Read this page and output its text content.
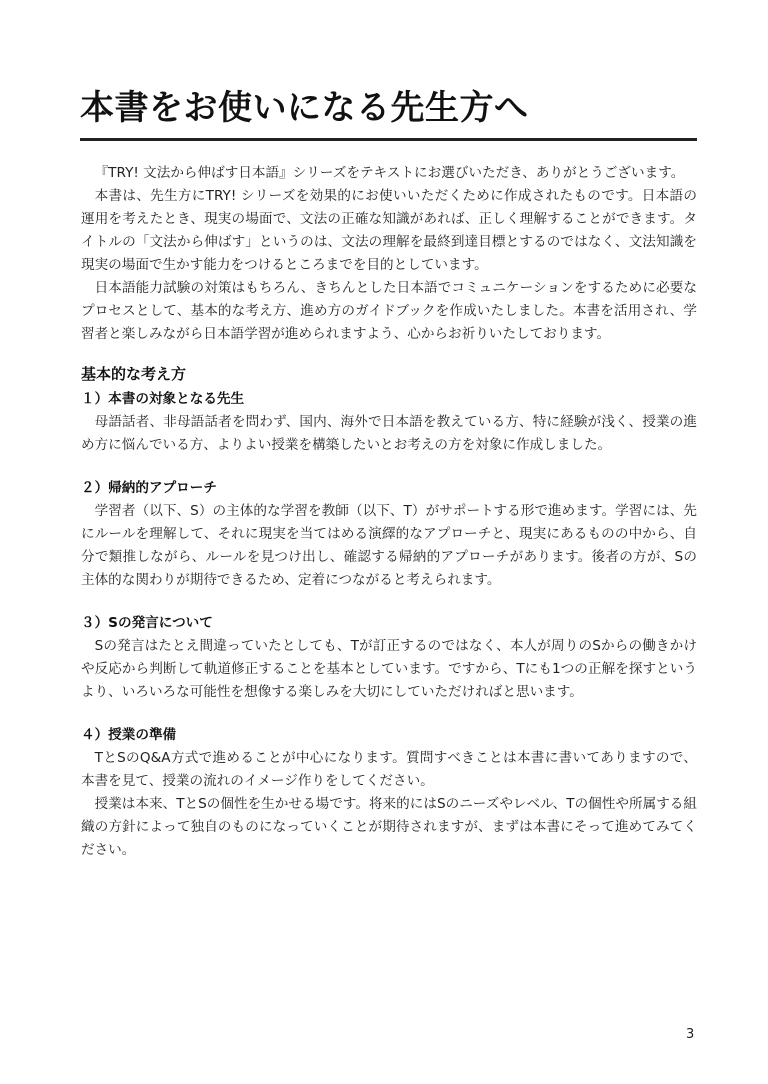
本書をお使いになる先生方へ

『TRY! 文法から伸ばす日本語』シリーズをテキストにお選びいただき、ありがとうございます。

本書は、先生方にTRY! シリーズを効果的にお使いいただくために作成されたものです。日本語の運用を考えたとき、現実の場面で、文法の正確な知識があれば、正しく理解することができます。タイトルの「文法から伸ばす」というのは、文法の理解を最終到達目標とするのではなく、文法知識を現実の場面で生かす能力をつけるところまでを目的としています。

日本語能力試験の対策はもちろん、きちんとした日本語でコミュニケーションをするために必要なプロセスとして、基本的な考え方、進め方のガイドブックを作成いたしました。本書を活用され、学習者と楽しみながら日本語学習が進められますよう、心からお祈りいたしております。

基本的な考え方
１）本書の対象となる先生

母語話者、非母語話者を問わず、国内、海外で日本語を教えている方、特に経験が浅く、授業の進め方に悩んでいる方、よりよい授業を構築したいとお考えの方を対象に作成しました。

２）帰納的アプローチ

学習者（以下、S）の主体的な学習を教師（以下、T）がサポートする形で進めます。学習には、先にルールを理解して、それに現実を当てはめる演繹的なアプローチと、現実にあるものの中から、自分で類推しながら、ルールを見つけ出し、確認する帰納的アプローチがあります。後者の方が、Sの主体的な関わりが期待できるため、定着につながると考えられます。

３）Sの発言について

Sの発言はたとえ間違っていたとしても、Tが訂正するのではなく、本人が周りのSからの働きかけや反応から判断して軌道修正することを基本としています。ですから、Tにも1つの正解を探すというより、いろいろな可能性を想像する楽しみを大切にしていただければと思います。

４）授業の準備

TとSのQ&A方式で進めることが中心になります。質問すべきことは本書に書いてありますので、本書を見て、授業の流れのイメージ作りをしてください。

授業は本来、TとSの個性を生かせる場です。将来的にはSのニーズやレベル、Tの個性や所属する組織の方針によって独自のものになっていくことが期待されますが、まずは本書にそって進めてみてください。

3
